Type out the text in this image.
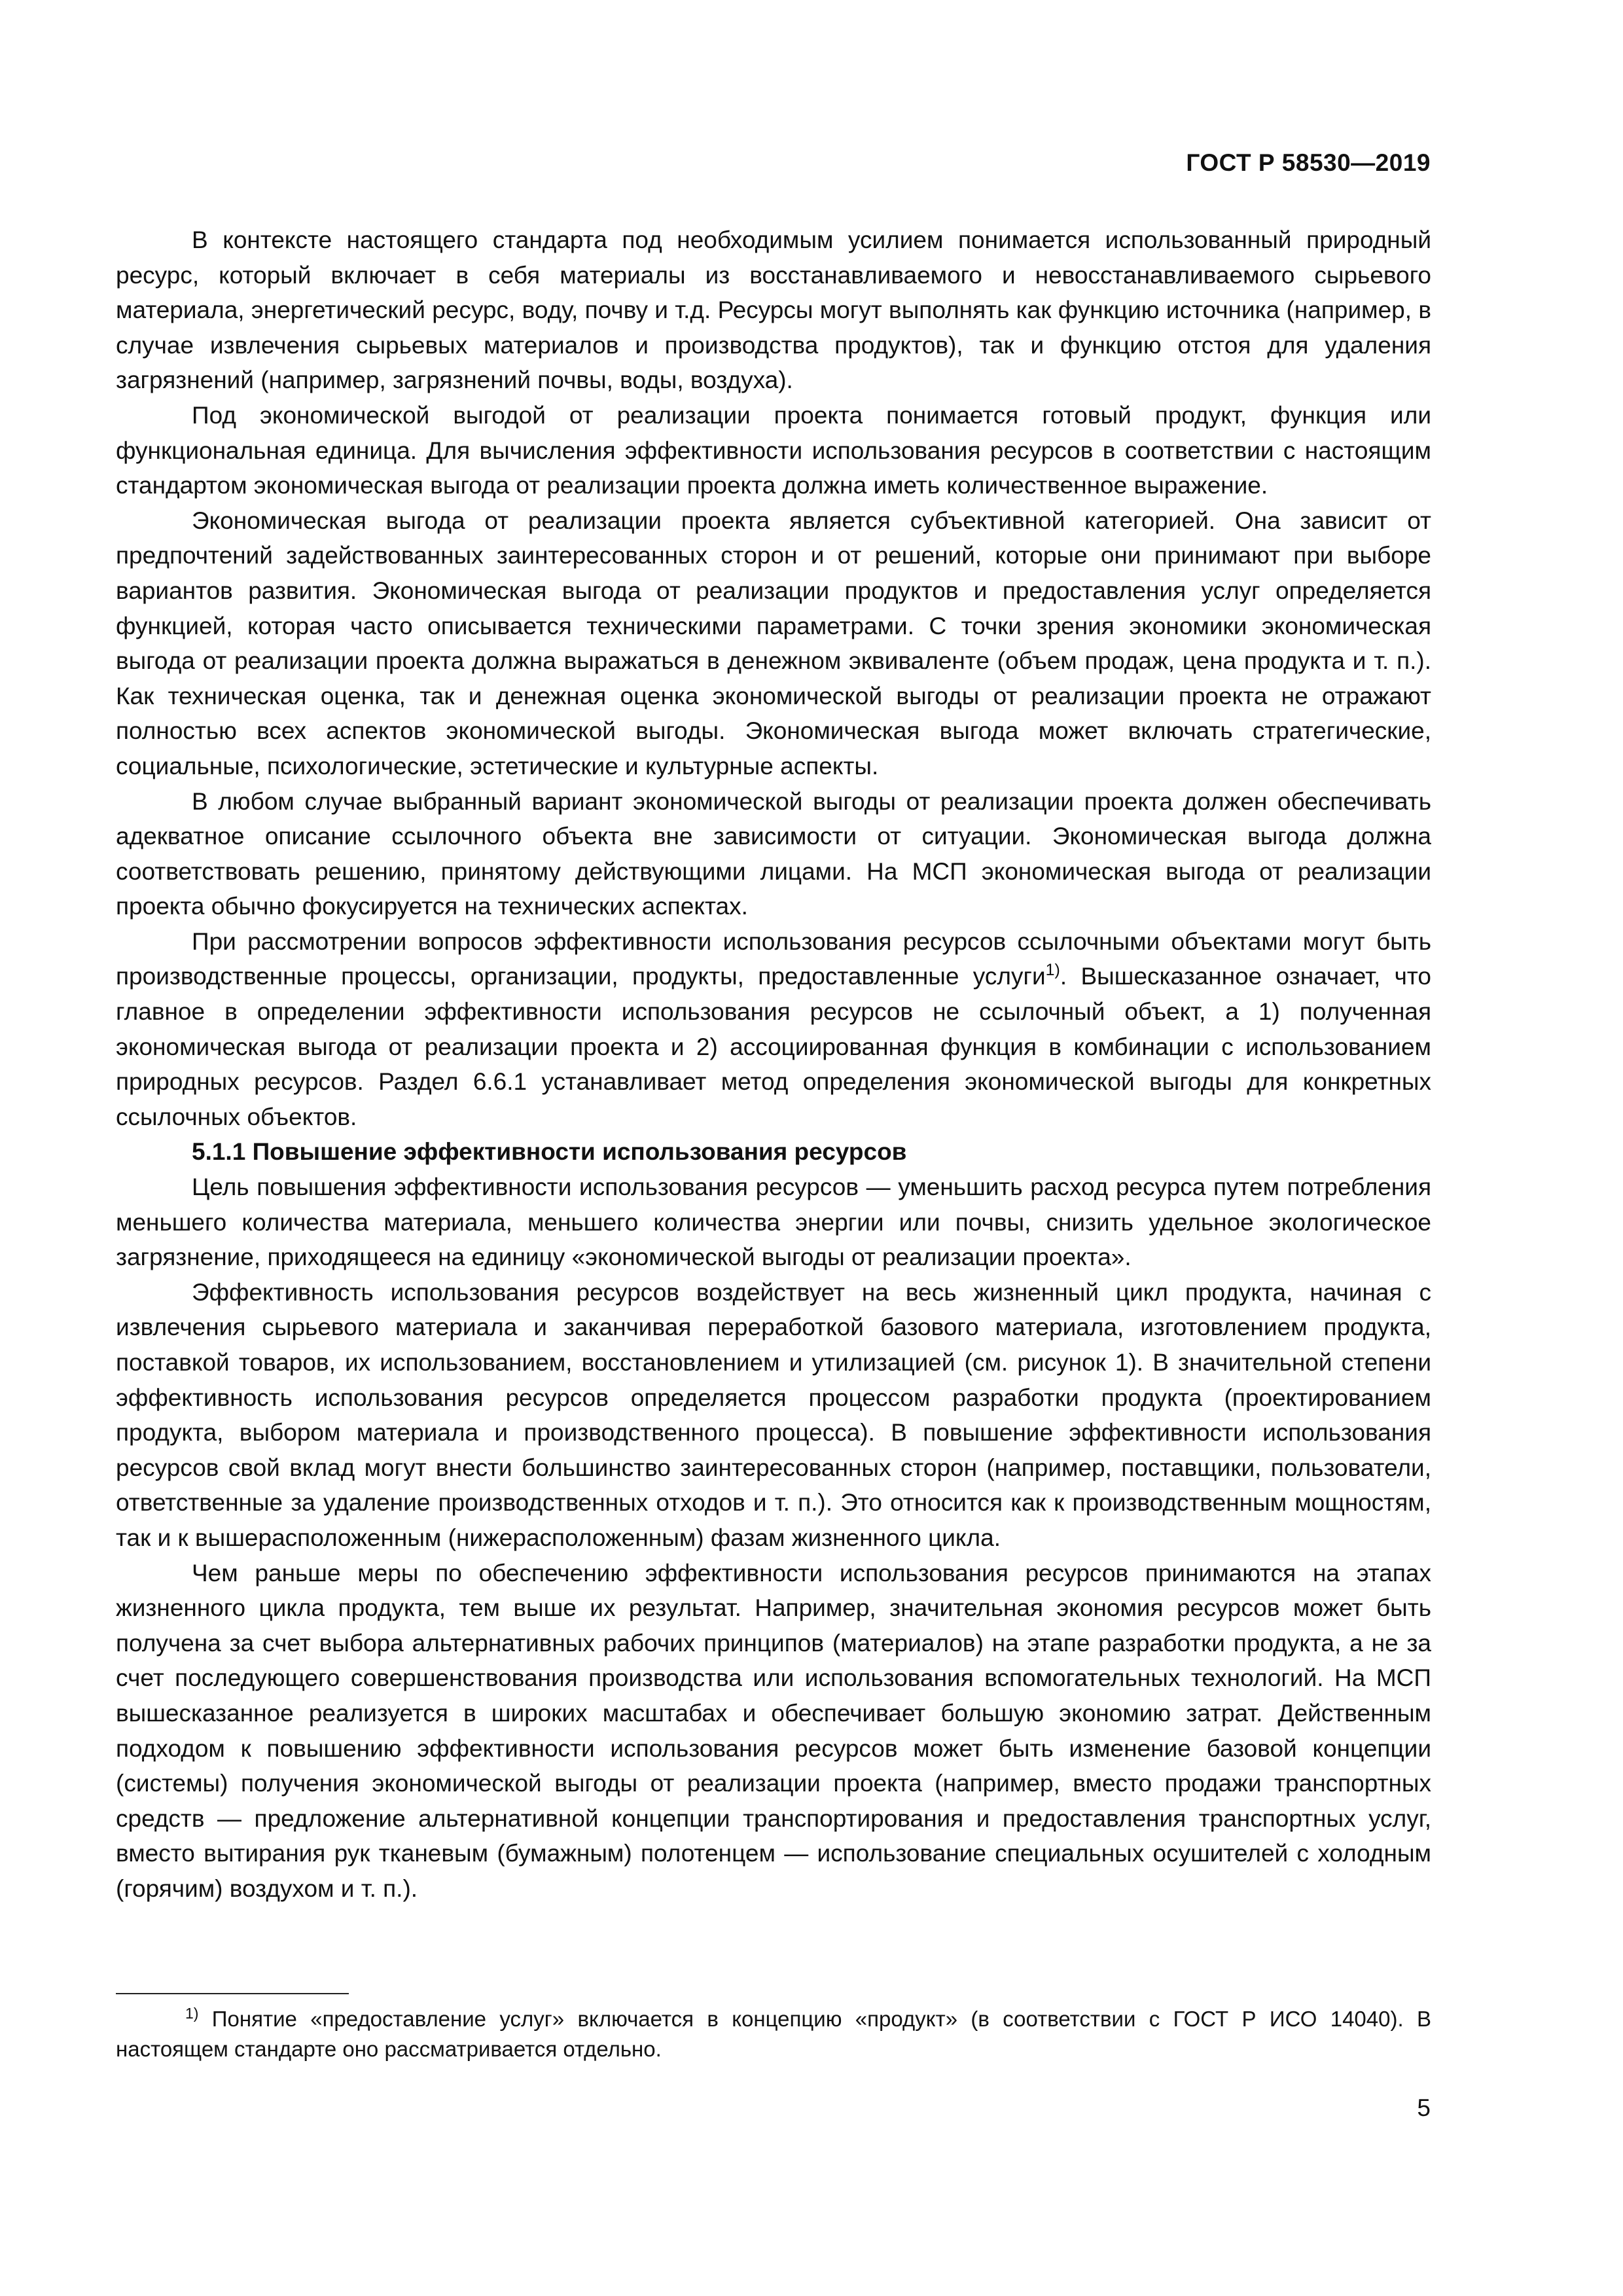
ГОСТ Р 58530—2019

В контексте настоящего стандарта под необходимым усилием понимается использованный природный ресурс, который включает в себя материалы из восстанавливаемого и невосстанавливаемого сырьевого материала, энергетический ресурс, воду, почву и т.д. Ресурсы могут выполнять как функцию источника (например, в случае извлечения сырьевых материалов и производства продуктов), так и функцию отстоя для удаления загрязнений (например, загрязнений почвы, воды, воздуха).

Под экономической выгодой от реализации проекта понимается готовый продукт, функция или функциональная единица. Для вычисления эффективности использования ресурсов в соответствии с настоящим стандартом экономическая выгода от реализации проекта должна иметь количественное выражение.

Экономическая выгода от реализации проекта является субъективной категорией. Она зависит от предпочтений задействованных заинтересованных сторон и от решений, которые они принимают при выборе вариантов развития. Экономическая выгода от реализации продуктов и предоставления услуг определяется функцией, которая часто описывается техническими параметрами. С точки зрения экономики экономическая выгода от реализации проекта должна выражаться в денежном эквиваленте (объем продаж, цена продукта и т. п.). Как техническая оценка, так и денежная оценка экономической выгоды от реализации проекта не отражают полностью всех аспектов экономической выгоды. Экономическая выгода может включать стратегические, социальные, психологические, эстетические и культурные аспекты.

В любом случае выбранный вариант экономической выгоды от реализации проекта должен обеспечивать адекватное описание ссылочного объекта вне зависимости от ситуации. Экономическая выгода должна соответствовать решению, принятому действующими лицами. На МСП экономическая выгода от реализации проекта обычно фокусируется на технических аспектах.

При рассмотрении вопросов эффективности использования ресурсов ссылочными объектами могут быть производственные процессы, организации, продукты, предоставленные услуги$^{1)}$. Вышесказанное означает, что главное в определении эффективности использования ресурсов не ссылочный объект, а 1) полученная экономическая выгода от реализации проекта и 2) ассоциированная функция в комбинации с использованием природных ресурсов. Раздел 6.6.1 устанавливает метод определения экономической выгоды для конкретных ссылочных объектов.

5.1.1 Повышение эффективности использования ресурсов

Цель повышения эффективности использования ресурсов — уменьшить расход ресурса путем потребления меньшего количества материала, меньшего количества энергии или почвы, снизить удельное экологическое загрязнение, приходящееся на единицу «экономической выгоды от реализации проекта».

Эффективность использования ресурсов воздействует на весь жизненный цикл продукта, начиная с извлечения сырьевого материала и заканчивая переработкой базового материала, изготовлением продукта, поставкой товаров, их использованием, восстановлением и утилизацией (см. рисунок 1). В значительной степени эффективность использования ресурсов определяется процессом разработки продукта (проектированием продукта, выбором материала и производственного процесса). В повышение эффективности использования ресурсов свой вклад могут внести большинство заинтересованных сторон (например, поставщики, пользователи, ответственные за удаление производственных отходов и т. п.). Это относится как к производственным мощностям, так и к вышерасположенным (нижерасположенным) фазам жизненного цикла.

Чем раньше меры по обеспечению эффективности использования ресурсов принимаются на этапах жизненного цикла продукта, тем выше их результат. Например, значительная экономия ресурсов может быть получена за счет выбора альтернативных рабочих принципов (материалов) на этапе разработки продукта, а не за счет последующего совершенствования производства или использования вспомогательных технологий. На МСП вышесказанное реализуется в широких масштабах и обеспечивает большую экономию затрат. Действенным подходом к повышению эффективности использования ресурсов может быть изменение базовой концепции (системы) получения экономической выгоды от реализации проекта (например, вместо продажи транспортных средств — предложение альтернативной концепции транспортирования и предоставления транспортных услуг, вместо вытирания рук тканевым (бумажным) полотенцем — использование специальных осушителей с холодным (горячим) воздухом и т. п.).

$^{1)}$ Понятие «предоставление услуг» включается в концепцию «продукт» (в соответствии с ГОСТ Р ИСО 14040). В настоящем стандарте оно рассматривается отдельно.

5
